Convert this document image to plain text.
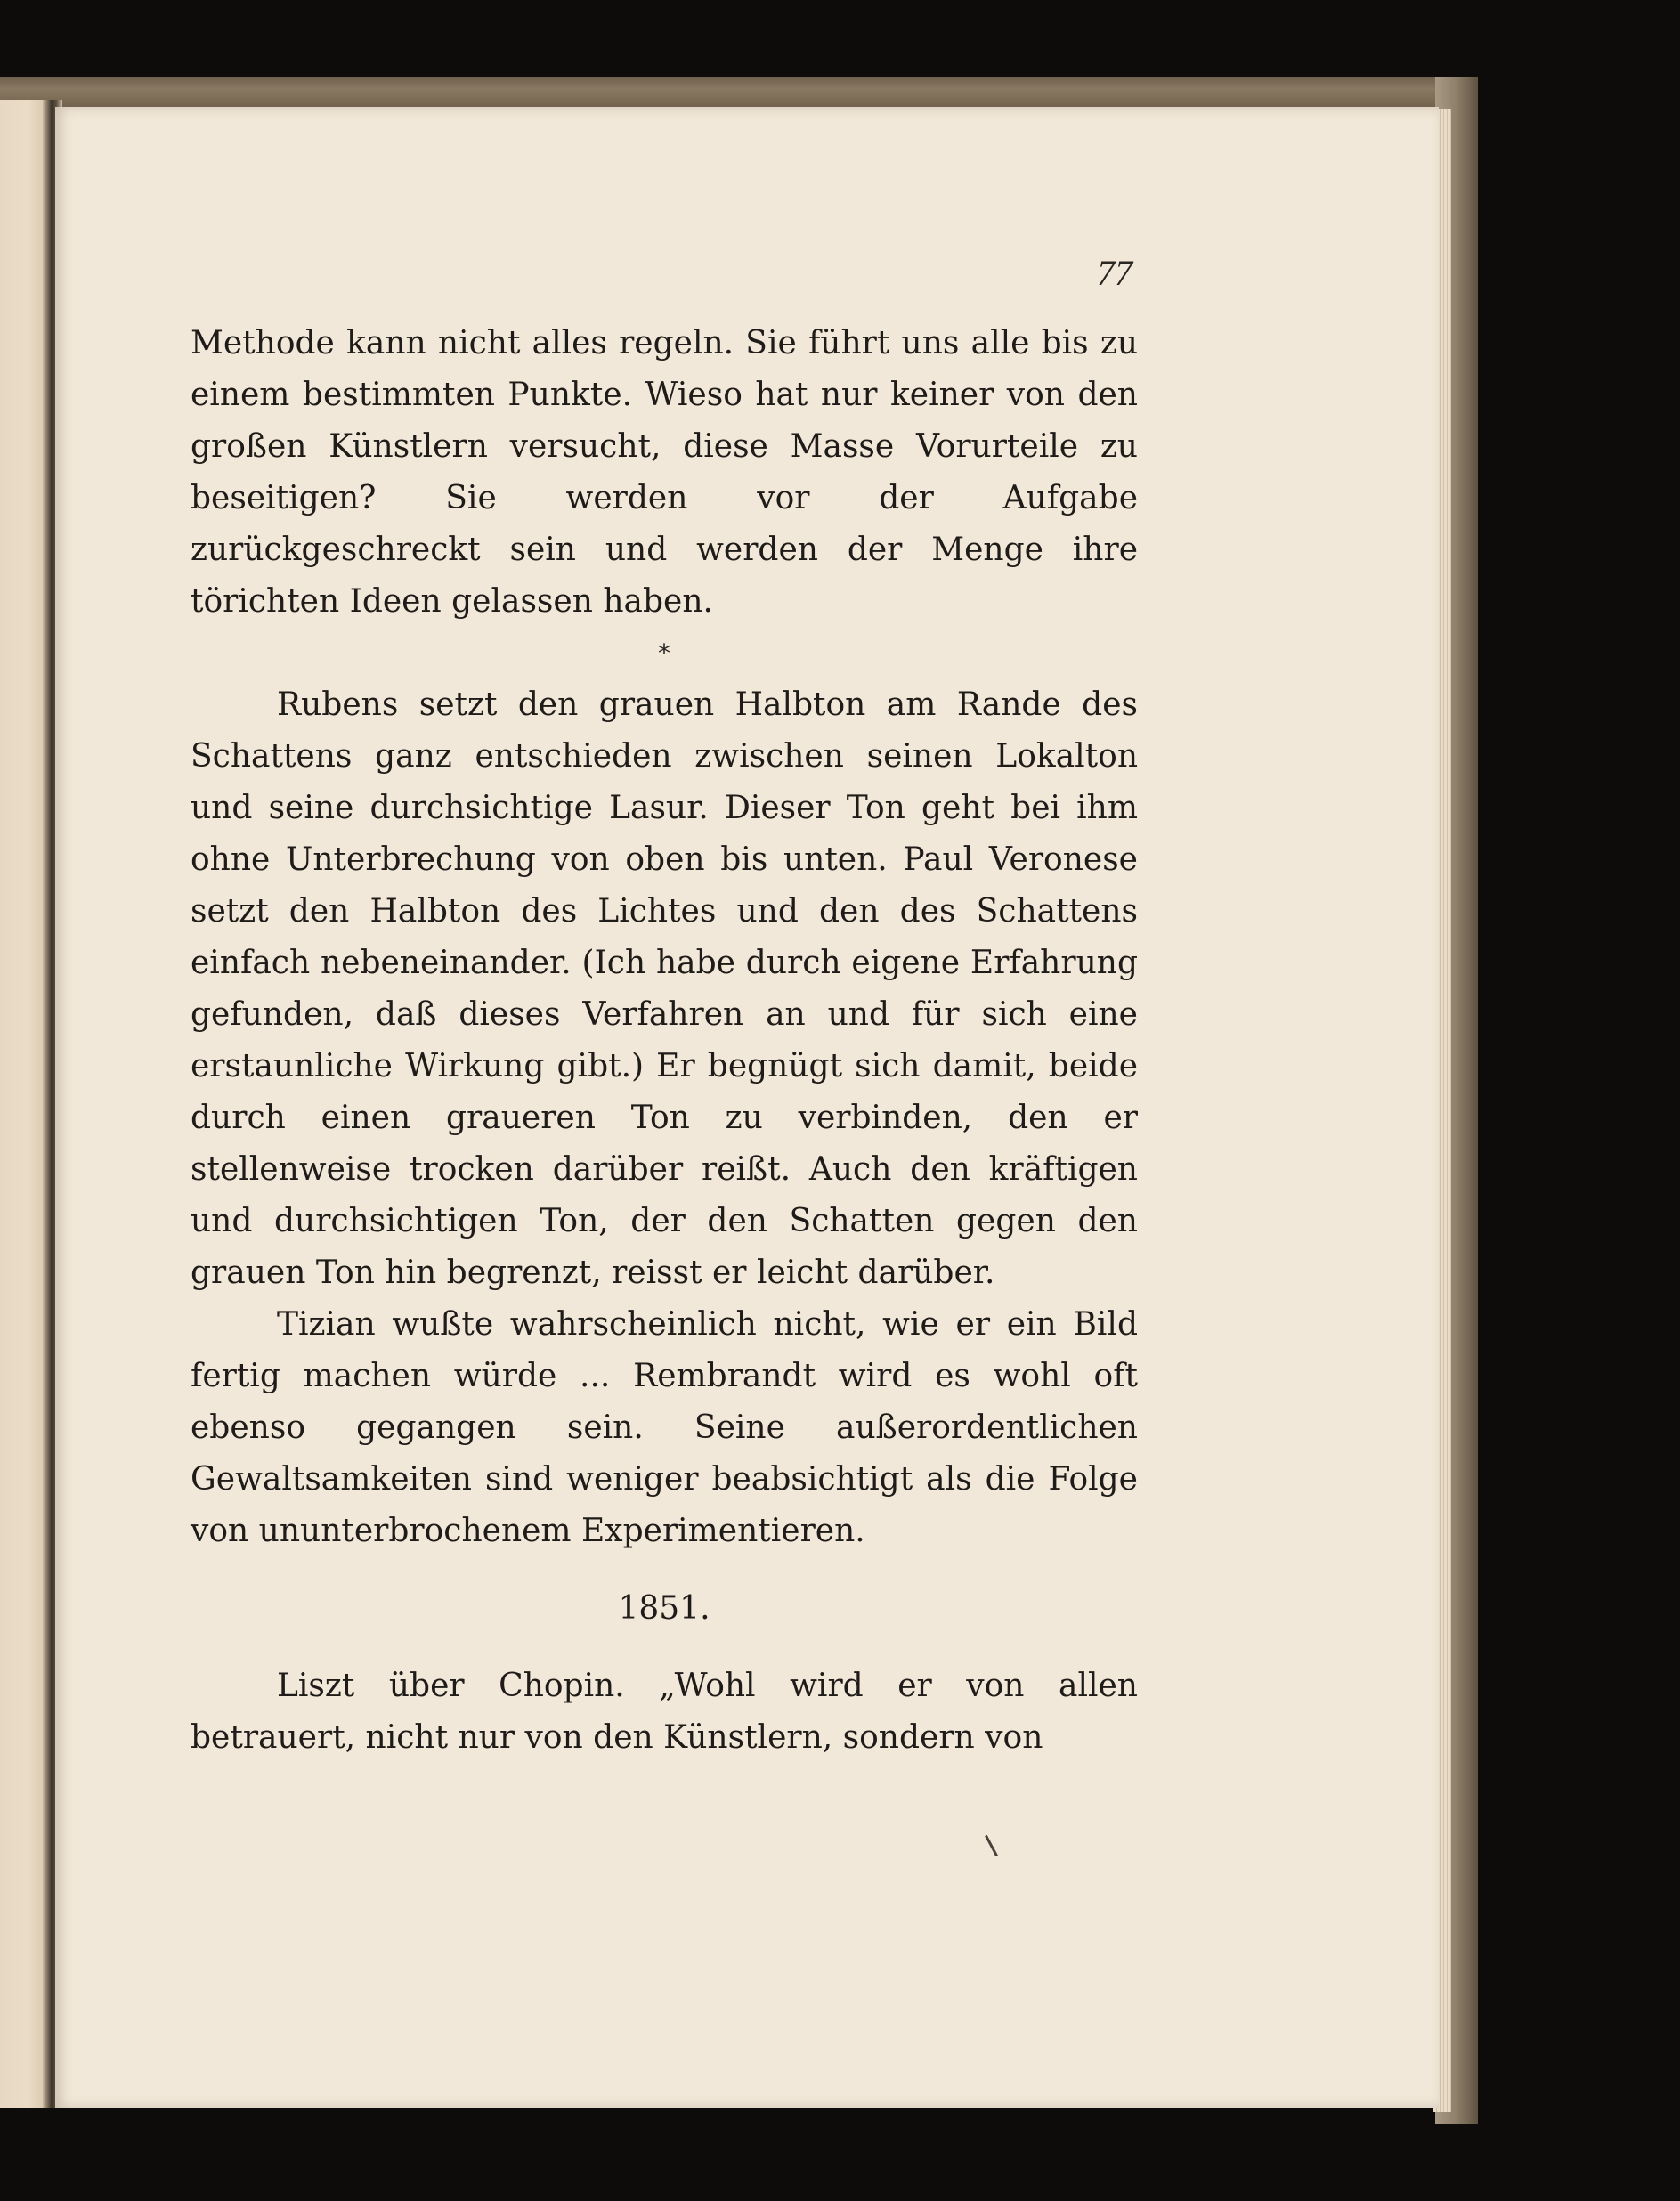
77

Methode kann nicht alles regeln. Sie führt uns alle bis zu einem bestimmten Punkte. Wieso hat nur keiner von den großen Künstlern versucht, diese Masse Vorurteile zu beseitigen? Sie werden vor der Aufgabe zurückgeschreckt sein und werden der Menge ihre törichten Ideen gelassen haben.

*

Rubens setzt den grauen Halbton am Rande des Schattens ganz entschieden zwischen seinen Lokalton und seine durchsichtige Lasur. Dieser Ton geht bei ihm ohne Unterbrechung von oben bis unten. Paul Veronese setzt den Halbton des Lichtes und den des Schattens einfach nebeneinander. (Ich habe durch eigene Erfahrung gefunden, daß dieses Verfahren an und für sich eine erstaunliche Wirkung gibt.) Er begnügt sich damit, beide durch einen graueren Ton zu verbinden, den er stellenweise trocken darüber reißt. Auch den kräftigen und durchsichtigen Ton, der den Schatten gegen den grauen Ton hin begrenzt, reisst er leicht darüber.

Tizian wußte wahrscheinlich nicht, wie er ein Bild fertig machen würde ... Rembrandt wird es wohl oft ebenso gegangen sein. Seine außerordentlichen Gewaltsamkeiten sind weniger beabsichtigt als die Folge von ununterbrochenem Experimentieren.

1851.

Liszt über Chopin. „Wohl wird er von allen betrauert, nicht nur von den Künstlern, sondern von
